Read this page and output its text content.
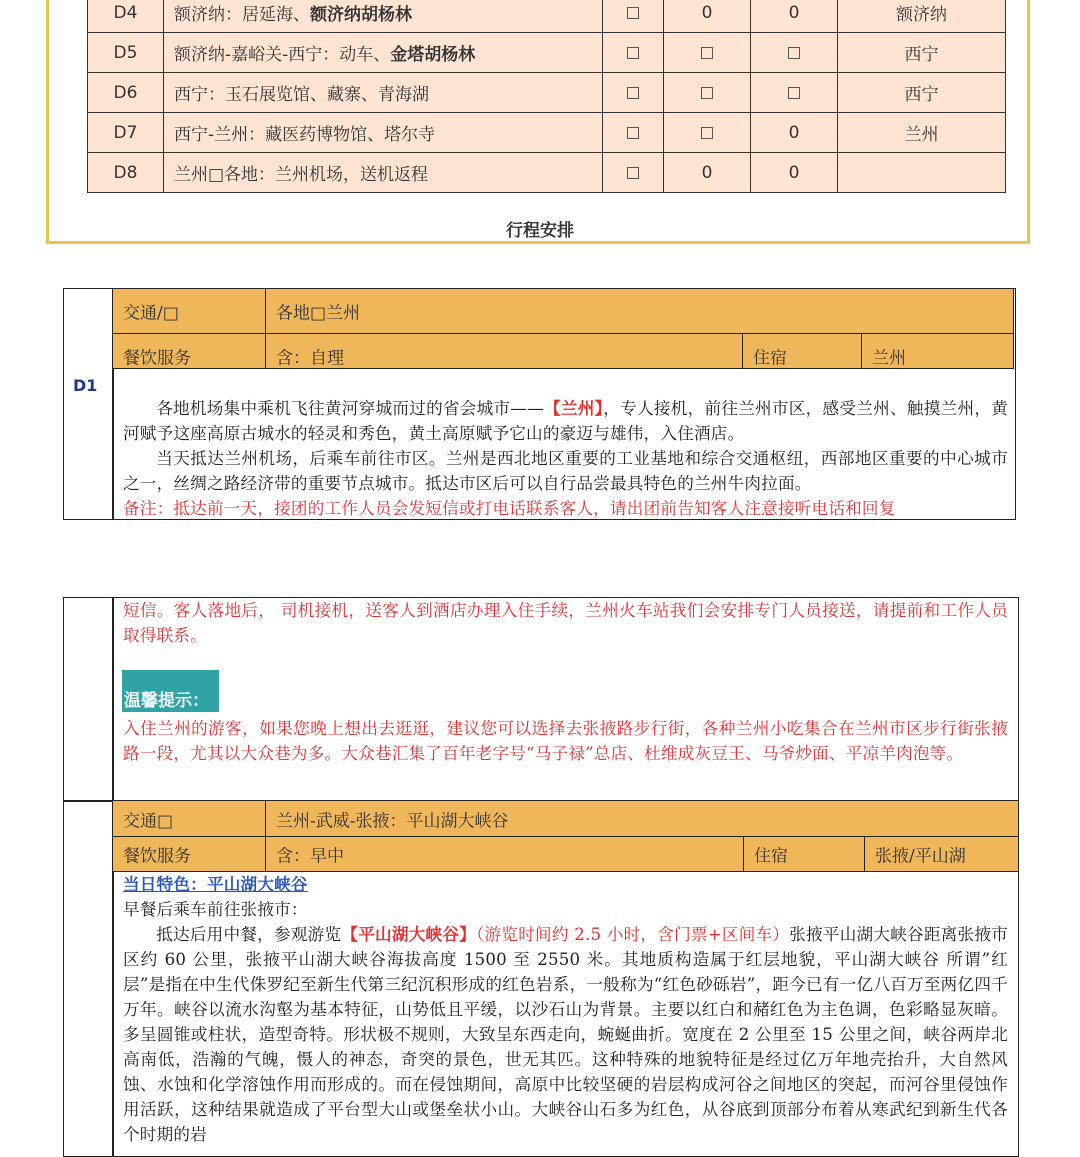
D4	额济纳：居延海、额济纳胡杨林		0	0	额济纳
D5	额济纳-嘉峪关-西宁：动车、金塔胡杨林				西宁
D6	西宁：玉石展览馆、藏寨、青海湖				西宁
D7	西宁-兰州：藏医药博物馆、塔尔寺			0	兰州
D8	兰州□各地：兰州机场，送机返程		0	0	
行程安排
D1
交通/□	各地□兰州
餐饮服务	含：自理	住宿	兰州

各地机场集中乘机飞往黄河穿城而过的省会城市——【兰州】，专人接机，前往兰州市区，感受兰州、触摸兰州，黄河赋予这座高原古城水的轻灵和秀色，黄土高原赋予它山的豪迈与雄伟，入住酒店。

当天抵达兰州机场，后乘车前往市区。兰州是西北地区重要的工业基地和综合交通枢纽，西部地区重要的中心城市之一，丝绸之路经济带的重要节点城市。抵达市区后可以自行品尝最具特色的兰州牛肉拉面。

备注：抵达前一天，接团的工作人员会发短信或打电话联系客人，请出团前告知客人注意接听电话和回复

短信。客人落地后， 司机接机，送客人到酒店办理入住手续，兰州火车站我们会安排专门人员接送，请提前和工作人员取得联系。

温馨提示：

入住兰州的游客，如果您晚上想出去逛逛，建议您可以选择去张掖路步行街，各种兰州小吃集合在兰州市区步行街张掖路一段，尤其以大众巷为多。大众巷汇集了百年老字号“马子禄”总店、杜维成灰豆王、马爷炒面、平凉羊肉泡等。

交通□	兰州-武威-张掖：平山湖大峡谷
餐饮服务	含：早中	住宿	张掖/平山湖

当日特色：平山湖大峡谷

早餐后乘车前往张掖市：

抵达后用中餐，参观游览【平山湖大峡谷】（游览时间约 2.5 小时，含门票+区间车）张掖平山湖大峡谷距离张掖市区约 60 公里，张掖平山湖大峡谷海拔高度 1500 至 2550 米。其地质构造属于红层地貌，平山湖大峡谷 所谓”红层”是指在中生代侏罗纪至新生代第三纪沉积形成的红色岩系，一般称为“红色砂砾岩”，距今已有一亿八百万至两亿四千万年。峡谷以流水沟壑为基本特征，山势低且平缓，以沙石山为背景。主要以红白和赭红色为主色调，色彩略显灰暗。多呈圆锥或柱状，造型奇特。形状极不规则，大致呈东西走向，蜿蜒曲折。宽度在 2 公里至 15 公里之间，峡谷两岸北高南低，浩瀚的气魄，慑人的神态，奇突的景色，世无其匹。这种特殊的地貌特征是经过亿万年地壳抬升，大自然风蚀、水蚀和化学溶蚀作用而形成的。而在侵蚀期间，高原中比较坚硬的岩层构成河谷之间地区的突起，而河谷里侵蚀作用活跃，这种结果就造成了平台型大山或堡垒状小山。大峡谷山石多为红色，从谷底到顶部分布着从寒武纪到新生代各个时期的岩
